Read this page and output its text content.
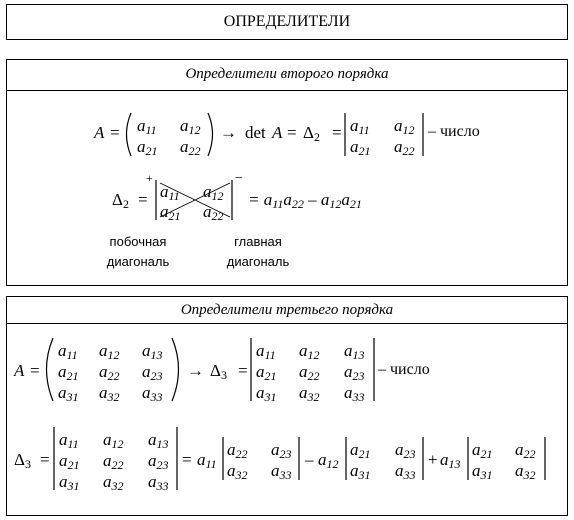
ОПРЕДЕЛИТЕЛИ
Определители второго порядка
Определители третьего порядка
$A = a_{11}$ $a_{12}$
$a_{21}$ $a_{22}$
→ $\det A = \Delta_2 = a_{11}$ $a_{12}$
$a_{21}$ $a_{22}$
– число
$\Delta_2$ =
+	−
$a_{11}$ $a_{12}$
$a_{21}$ $a_{22}$
= $a_{11}a_{22} - a_{12}a_{21}$
побочная
диагональ
главная
диагональ
A =
$a_{11}$ $a_{12}$ $a_{13}$
$a_{21}$ $a_{22}$ $a_{23}$
$a_{31}$ $a_{32}$ $a_{33}$
→ $\Delta_3$ =
$a_{11}$ $a_{12}$ $a_{13}$
$a_{21}$ $a_{22}$ $a_{23}$
$a_{31}$ $a_{32}$ $a_{33}$
– число
$\Delta_3$ =
$a_{11}$ $a_{12}$ $a_{13}$
$a_{21}$ $a_{22}$ $a_{23}$
$a_{31}$ $a_{32}$ $a_{33}$
= $a_{11}$
$a_{22}$ $a_{23}$
$a_{32}$ $a_{33}$
– $a_{12}$
$a_{21}$ $a_{23}$
$a_{31}$ $a_{33}$
+ $a_{13}$
$a_{21}$ $a_{22}$
$a_{31}$ $a_{32}$
